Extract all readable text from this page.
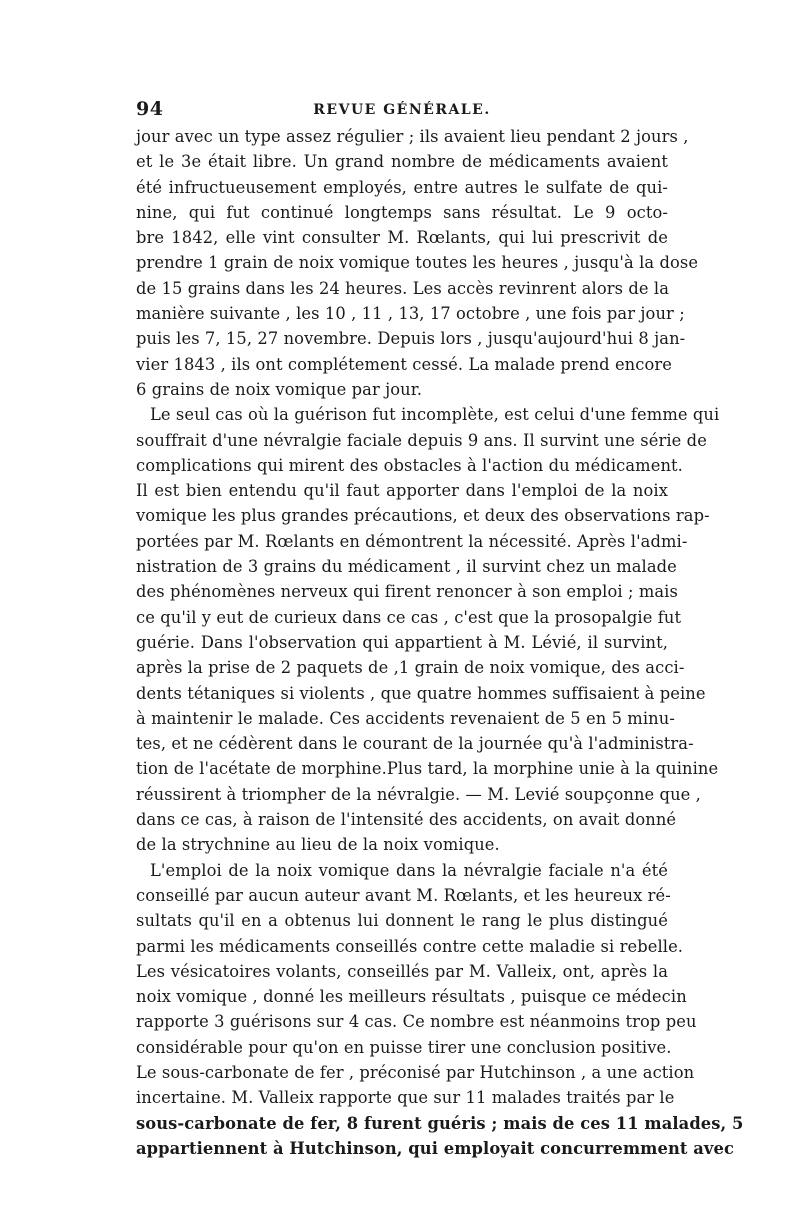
94	REVUE GÉNÉRALE.
jour avec un type assez régulier ; ils avaient lieu pendant 2 jours ,
et le 3e était libre. Un grand nombre de médicaments avaient
été infructueusement employés, entre autres le sulfate de qui-
nine, qui fut continué longtemps sans résultat. Le 9 octo-
bre 1842, elle vint consulter M. Rœlants, qui lui prescrivit de
prendre 1 grain de noix vomique toutes les heures , jusqu'à la dose
de 15 grains dans les 24 heures. Les accès revinrent alors de la
manière suivante , les 10 , 11 , 13, 17 octobre , une fois par jour ;
puis les 7, 15, 27 novembre. Depuis lors , jusqu'aujourd'hui 8 jan-
vier 1843 , ils ont complétement cessé. La malade prend encore
6 grains de noix vomique par jour.
Le seul cas où la guérison fut incomplète, est celui d'une femme qui
souffrait d'une névralgie faciale depuis 9 ans. Il survint une série de
complications qui mirent des obstacles à l'action du médicament.
Il est bien entendu qu'il faut apporter dans l'emploi de la noix
vomique les plus grandes précautions, et deux des observations rap-
portées par M. Rœlants en démontrent la nécessité. Après l'admi-
nistration de 3 grains du médicament , il survint chez un malade
des phénomènes nerveux qui firent renoncer à son emploi ; mais
ce qu'il y eut de curieux dans ce cas , c'est que la prosopalgie fut
guérie. Dans l'observation qui appartient à M. Lévié, il survint,
après la prise de 2 paquets de ,1 grain de noix vomique, des acci-
dents tétaniques si violents , que quatre hommes suffisaient à peine
à maintenir le malade. Ces accidents revenaient de 5 en 5 minu-
tes, et ne cédèrent dans le courant de la journée qu'à l'administra-
tion de l'acétate de morphine.Plus tard, la morphine unie à la quinine
réussirent à triompher de la névralgie. — M. Levié soupçonne que ,
dans ce cas, à raison de l'intensité des accidents, on avait donné
de la strychnine au lieu de la noix vomique.
L'emploi de la noix vomique dans la névralgie faciale n'a été
conseillé par aucun auteur avant M. Rœlants, et les heureux ré-
sultats qu'il en a obtenus lui donnent le rang le plus distingué
parmi les médicaments conseillés contre cette maladie si rebelle.
Les vésicatoires volants, conseillés par M. Valleix, ont, après la
noix vomique , donné les meilleurs résultats , puisque ce médecin
rapporte 3 guérisons sur 4 cas. Ce nombre est néanmoins trop peu
considérable pour qu'on en puisse tirer une conclusion positive.
Le sous-carbonate de fer , préconisé par Hutchinson , a une action
incertaine. M. Valleix rapporte que sur 11 malades traités par le
sous-carbonate de fer, 8 furent guéris ; mais de ces 11 malades, 5
appartiennent à Hutchinson, qui employait concurremment avec
